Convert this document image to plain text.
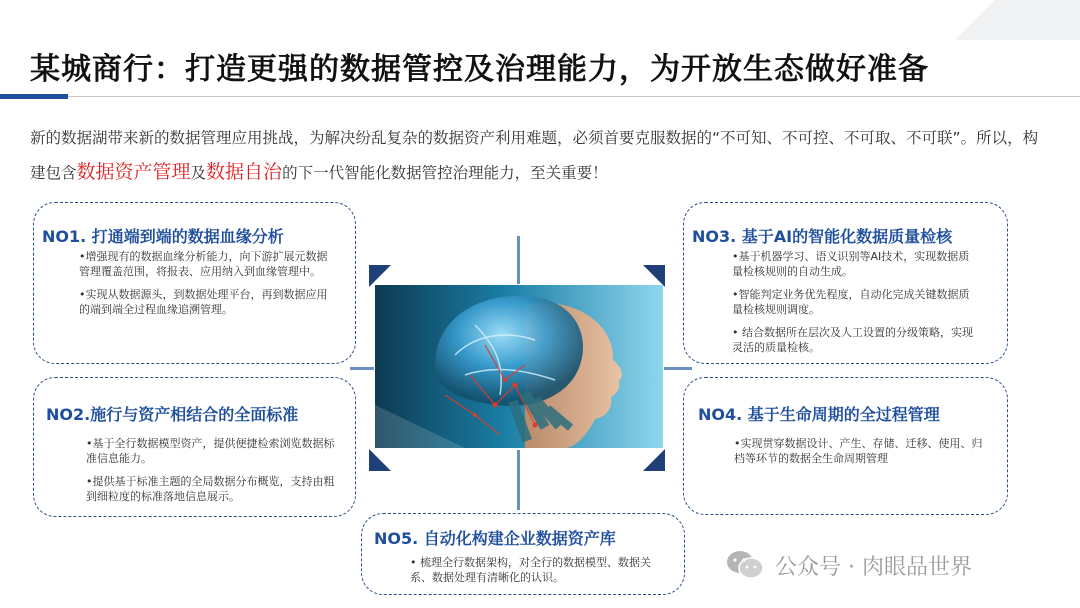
某城商行：打造更强的数据管控及治理能力，为开放生态做好准备
新的数据湖带来新的数据管理应用挑战，为解决纷乱复杂的数据资产利用难题，必须首要克服数据的“不可知、不可控、不可取、不可联”。所以，构建包含数据资产管理及数据自治的下一代智能化数据管控治理能力，至关重要！
NO1. 打通端到端的数据血缘分析

•增强现有的数据血缘分析能力，向下游扩展元数据管理覆盖范围，将报表、应用纳入到血缘管理中。

•实现从数据源头，到数据处理平台，再到数据应用的端到端全过程血缘追溯管理。

NO2.施行与资产相结合的全面标准

•基于全行数据模型资产，提供便捷检索浏览数据标准信息能力。

•提供基于标准主题的全局数据分布概览，支持由粗到细粒度的标准落地信息展示。

NO3. 基于AI的智能化数据质量检核

•基于机器学习、语义识别等AI技术，实现数据质量检核规则的自动生成。

•智能判定业务优先程度，自动化完成关键数据质量检核规则调度。

• 结合数据所在层次及人工设置的分级策略，实现灵活的质量检核。

NO4. 基于生命周期的全过程管理

•实现贯穿数据设计、产生、存储、迁移、使用、归档等环节的数据全生命周期管理

NO5. 自动化构建企业数据资产库

• 梳理全行数据架构，对全行的数据模型、数据关系、数据处理有清晰化的认识。	公众号 · 肉眼品世界
